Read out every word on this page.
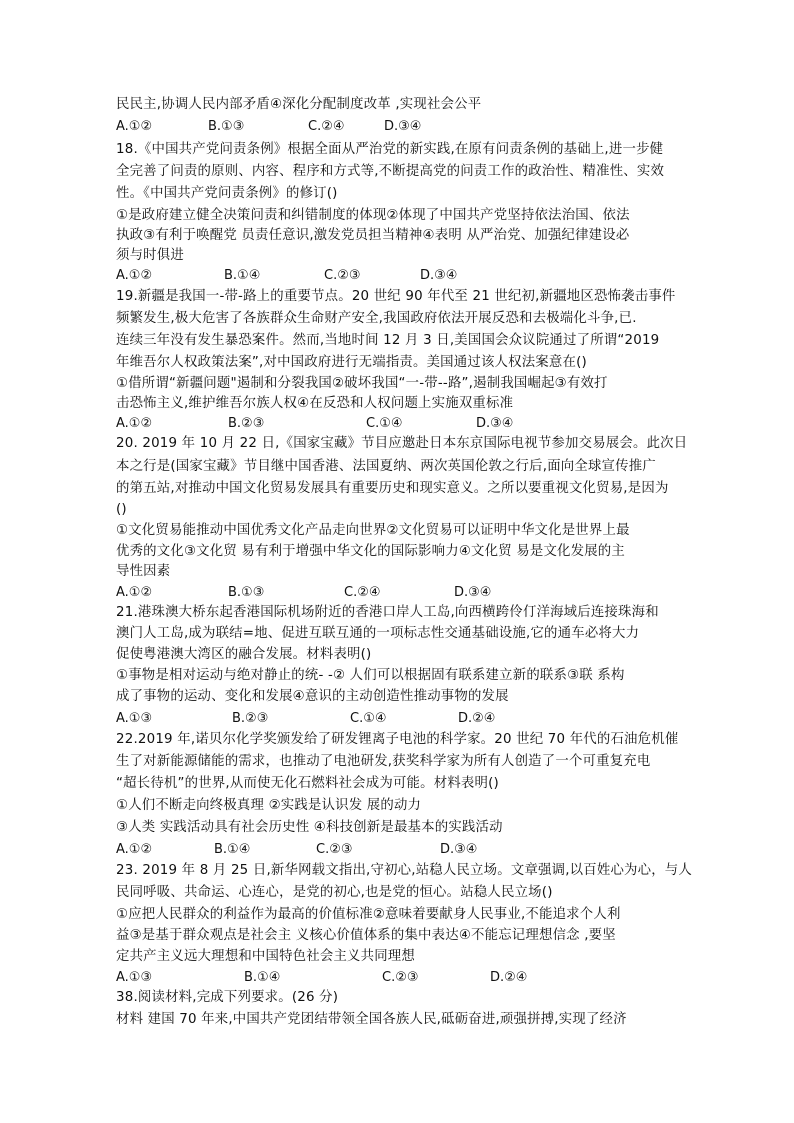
民民主,协调人民内部矛盾④深化分配制度改革 ,实现社会公平
A.①②	B.①③	C.②④	D.③④
18.《中国共产党问责条例》根据全面从严治党的新实践,在原有问责条例的基础上,进一步健
全完善了问责的原则、内容、程序和方式等,不断提高党的问责工作的政治性、精准性、实效
性。《中国共产党问责条例》的修订()
①是政府建立健全决策问责和纠错制度的体现②体现了中国共产党坚持依法治国、依法
执政③有利于唤醒党 员责任意识,激发党员担当精神④表明 从严治党、加强纪律建设必
须与时俱进
A.①②	B.①④	C.②③	D.③④
19.新疆是我国一-带-路上的重要节点。20 世纪 90 年代至 21 世纪初,新疆地区恐怖袭击事件
频繁发生,极大危害了各族群众生命财产安全,我国政府依法开展反恐和去极端化斗争,已.
连续三年没有发生暴恐案件。然而,当地时间 12 月 3 日,美国国会众议院通过了所谓“2019
年维吾尔人权政策法案”,对中国政府进行无端指责。美国通过该人权法案意在()
①借所谓“新疆问题"遏制和分裂我国②破坏我国“一-带--路”,遏制我国崛起③有效打
击恐怖主义,维护维吾尔族人权④在反恐和人权问题上实施双重标准
A.①②	B.②③	C.①④	D.③④
20. 2019 年 10 月 22 日,《国家宝藏》节目应邀赴日本东京国际电视节参加交易展会。此次日
本之行是(国家宝藏》节目继中国香港、法国夏纳、两次英国伦敦之行后,面向全球宣传推广
的第五站,对推动中国文化贸易发展具有重要历史和现实意义。之所以要重视文化贸易,是因为
()
①文化贸易能推动中国优秀文化产品走向世界②文化贸易可以证明中华文化是世界上最
优秀的文化③文化贸 易有利于增强中华文化的国际影响力④文化贸 易是文化发展的主
导性因素
A.①②	B.①③	C.②④	D.③④
21.港珠澳大桥东起香港国际机场附近的香港口岸人工岛,向西横跨伶仃洋海域后连接珠海和
澳门人工岛,成为联结=地、促进互联互通的一项标志性交通基础设施,它的通车必将大力
促使粤港澳大湾区的融合发展。材料表明()
①事物是相对运动与绝对静止的统- -② 人们可以根据固有联系建立新的联系③联 系构
成了事物的运动、变化和发展④意识的主动创造性推动事物的发展
A.①③	B.②③	C.①④	D.②④
22.2019 年,诺贝尔化学奖颁发给了研发锂离子电池的科学家。20 世纪 70 年代的石油危机催
生了对新能源储能的需求，也推动了电池研发,获奖科学家为所有人创造了一个可重复充电
“超长待机”的世界,从而使无化石燃料社会成为可能。材料表明()
①人们不断走向终极真理 ②实践是认识发 展的动力
③人类 实践活动具有社会历史性 ④科技创新是最基本的实践活动
A.①②	B.①④	C.②③	D.③④
23. 2019 年 8 月 25 日,新华网载文指出,守初心,站稳人民立场。文章强调,以百姓心为心，与人
民同呼吸、共命运、心连心，是党的初心,也是党的恒心。站稳人民立场()
①应把人民群众的利益作为最高的价值标准②意味着要献身人民事业,不能追求个人利
益③是基于群众观点是社会主 义核心价值体系的集中表达④不能忘记理想信念 ,要坚
定共产主义远大理想和中国特色社会主义共同理想
A.①③	B.①④	C.②③	D.②④
38.阅读材料,完成下列要求。(26 分)
材料 建国 70 年来,中国共产党团结带领全国各族人民,砥砺奋进,顽强拼搏,实现了经济
